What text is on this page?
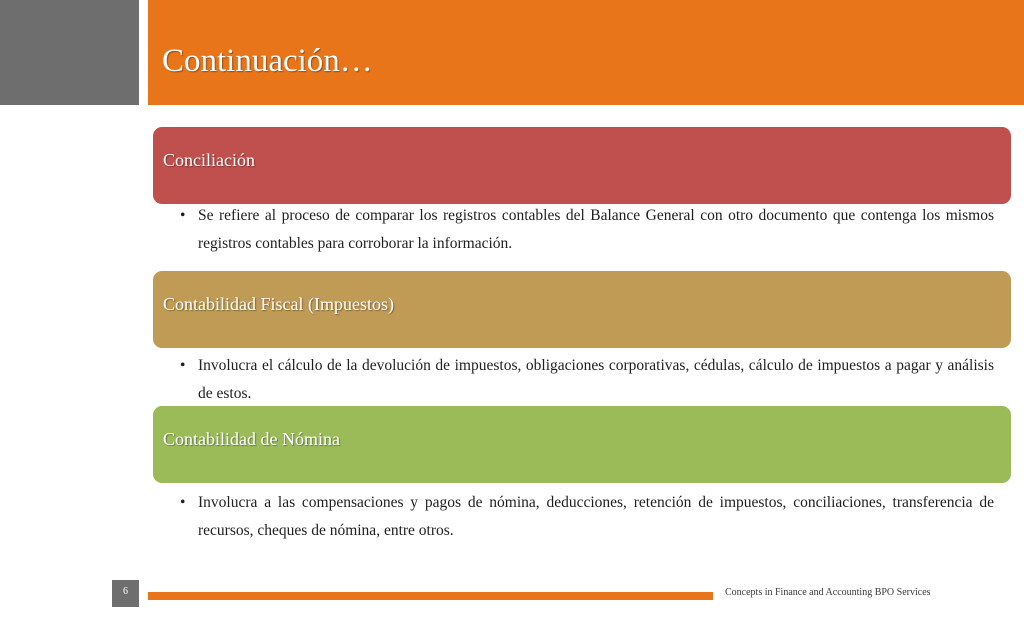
Continuación…
Conciliación

• Se refiere al proceso de comparar los registros contables del Balance General con otro documento que contenga los mismos registros contables para corroborar la información.

Contabilidad Fiscal (Impuestos)

• Involucra el cálculo de la devolución de impuestos, obligaciones corporativas, cédulas, cálculo de impuestos a pagar y análisis de estos.

Contabilidad de Nómina

• Involucra a las compensaciones y pagos de nómina, deducciones, retención de impuestos, conciliaciones, transferencia de recursos, cheques de nómina, entre otros.

6	Concepts in Finance and Accounting BPO Services
